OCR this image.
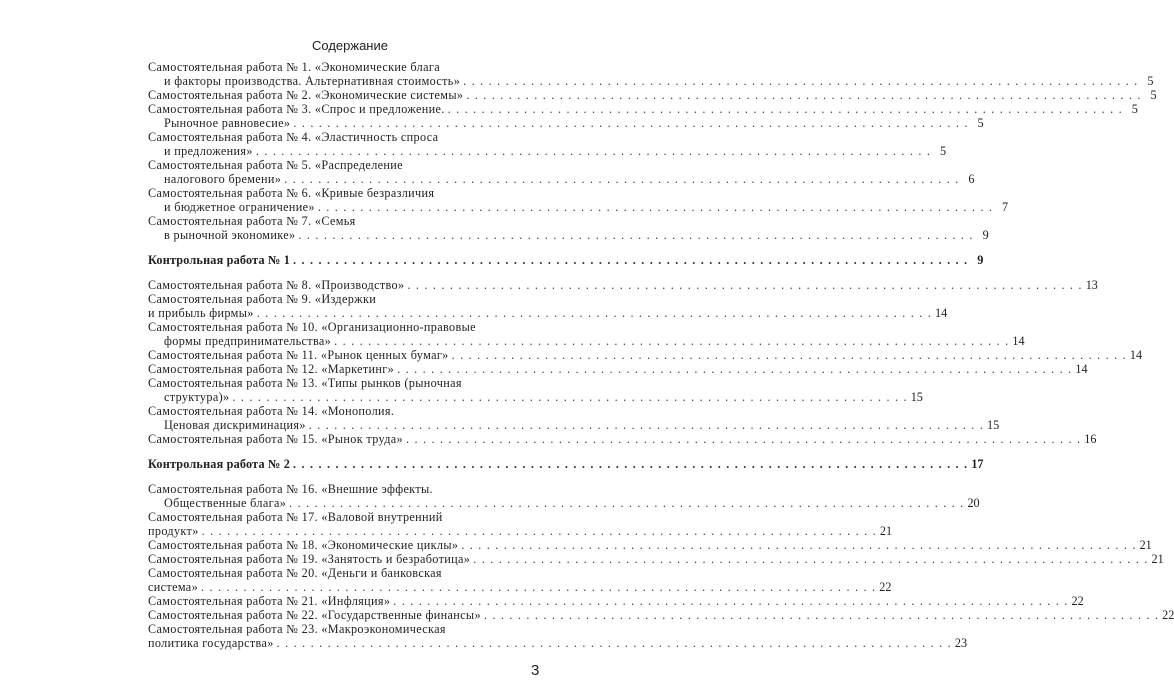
Содержание
Самостоятельная работа № 1. «Экономические блага
и факторы производства. Альтернативная стоимость» . . . . . . . . . . . . . . . . . . . . . . . . . . . . . . . . . . . . . . . . . . . . . . . . . . . . . . . . . . . . . . . . . . . . . . . . . . . . . . . . 5
Самостоятельная работа № 2. «Экономические системы» . . . . . . . . . . . . . . . . . . . . . . . . . . . . . . . . . . . . . . . . . . . . . . . . . . . . . . . . . . . . . . . . . . . . . . . . . . . . . . . . 5
Самостоятельная работа № 3. «Спрос и предложение. . . . . . . . . . . . . . . . . . . . . . . . . . . . . . . . . . . . . . . . . . . . . . . . . . . . . . . . . . . . . . . . . . . . . . . . . . . . . . . . . 5
Рыночное равновесие» . . . . . . . . . . . . . . . . . . . . . . . . . . . . . . . . . . . . . . . . . . . . . . . . . . . . . . . . . . . . . . . . . . . . . . . . . . . . . . . . 5
Самостоятельная работа № 4. «Эластичность спроса
и предложения» . . . . . . . . . . . . . . . . . . . . . . . . . . . . . . . . . . . . . . . . . . . . . . . . . . . . . . . . . . . . . . . . . . . . . . . . . . . . . . . . 5
Самостоятельная работа № 5. «Распределение
налогового бремени» . . . . . . . . . . . . . . . . . . . . . . . . . . . . . . . . . . . . . . . . . . . . . . . . . . . . . . . . . . . . . . . . . . . . . . . . . . . . . . . . 6
Самостоятельная работа № 6. «Кривые безразличия
и бюджетное ограничение» . . . . . . . . . . . . . . . . . . . . . . . . . . . . . . . . . . . . . . . . . . . . . . . . . . . . . . . . . . . . . . . . . . . . . . . . . . . . . . . . 7
Самостоятельная работа № 7. «Семья
в рыночной экономике» . . . . . . . . . . . . . . . . . . . . . . . . . . . . . . . . . . . . . . . . . . . . . . . . . . . . . . . . . . . . . . . . . . . . . . . . . . . . . . . . 9
Контрольная работа № 1 . . . . . . . . . . . . . . . . . . . . . . . . . . . . . . . . . . . . . . . . . . . . . . . . . . . . . . . . . . . . . . . . . . . . . . . . . . . . . . . . 9
Самостоятельная работа № 8. «Производство» . . . . . . . . . . . . . . . . . . . . . . . . . . . . . . . . . . . . . . . . . . . . . . . . . . . . . . . . . . . . . . . . . . . . . . . . . . . . . . . . 13
Самостоятельная работа № 9. «Издержки
и прибыль фирмы» . . . . . . . . . . . . . . . . . . . . . . . . . . . . . . . . . . . . . . . . . . . . . . . . . . . . . . . . . . . . . . . . . . . . . . . . . . . . . . . . 14
Самостоятельная работа № 10. «Организационно-правовые
формы предпринимательства» . . . . . . . . . . . . . . . . . . . . . . . . . . . . . . . . . . . . . . . . . . . . . . . . . . . . . . . . . . . . . . . . . . . . . . . . . . . . . . . . 14
Самостоятельная работа № 11. «Рынок ценных бумаг» . . . . . . . . . . . . . . . . . . . . . . . . . . . . . . . . . . . . . . . . . . . . . . . . . . . . . . . . . . . . . . . . . . . . . . . . . . . . . . . . 14
Самостоятельная работа № 12. «Маркетинг» . . . . . . . . . . . . . . . . . . . . . . . . . . . . . . . . . . . . . . . . . . . . . . . . . . . . . . . . . . . . . . . . . . . . . . . . . . . . . . . . 14
Самостоятельная работа № 13. «Типы рынков (рыночная
структура)» . . . . . . . . . . . . . . . . . . . . . . . . . . . . . . . . . . . . . . . . . . . . . . . . . . . . . . . . . . . . . . . . . . . . . . . . . . . . . . . . 15
Самостоятельная работа № 14. «Монополия.
Ценовая дискриминация» . . . . . . . . . . . . . . . . . . . . . . . . . . . . . . . . . . . . . . . . . . . . . . . . . . . . . . . . . . . . . . . . . . . . . . . . . . . . . . . . 15
Самостоятельная работа № 15. «Рынок труда» . . . . . . . . . . . . . . . . . . . . . . . . . . . . . . . . . . . . . . . . . . . . . . . . . . . . . . . . . . . . . . . . . . . . . . . . . . . . . . . . 16
Контрольная работа № 2 . . . . . . . . . . . . . . . . . . . . . . . . . . . . . . . . . . . . . . . . . . . . . . . . . . . . . . . . . . . . . . . . . . . . . . . . . . . . . . . . 17
Самостоятельная работа № 16. «Внешние эффекты.
Общественные блага» . . . . . . . . . . . . . . . . . . . . . . . . . . . . . . . . . . . . . . . . . . . . . . . . . . . . . . . . . . . . . . . . . . . . . . . . . . . . . . . . 20
Самостоятельная работа № 17. «Валовой внутренний
продукт» . . . . . . . . . . . . . . . . . . . . . . . . . . . . . . . . . . . . . . . . . . . . . . . . . . . . . . . . . . . . . . . . . . . . . . . . . . . . . . . . 21
Самостоятельная работа № 18. «Экономические циклы» . . . . . . . . . . . . . . . . . . . . . . . . . . . . . . . . . . . . . . . . . . . . . . . . . . . . . . . . . . . . . . . . . . . . . . . . . . . . . . . . 21
Самостоятельная работа № 19. «Занятость и безработица» . . . . . . . . . . . . . . . . . . . . . . . . . . . . . . . . . . . . . . . . . . . . . . . . . . . . . . . . . . . . . . . . . . . . . . . . . . . . . . . . 21
Самостоятельная работа № 20. «Деньги и банковская
система» . . . . . . . . . . . . . . . . . . . . . . . . . . . . . . . . . . . . . . . . . . . . . . . . . . . . . . . . . . . . . . . . . . . . . . . . . . . . . . . . 22
Самостоятельная работа № 21. «Инфляция» . . . . . . . . . . . . . . . . . . . . . . . . . . . . . . . . . . . . . . . . . . . . . . . . . . . . . . . . . . . . . . . . . . . . . . . . . . . . . . . . 22
Самостоятельная работа № 22. «Государственные финансы» . . . . . . . . . . . . . . . . . . . . . . . . . . . . . . . . . . . . . . . . . . . . . . . . . . . . . . . . . . . . . . . . . . . . . . . . . . . . . . . . 22
Самостоятельная работа № 23. «Макроэкономическая
политика государства» . . . . . . . . . . . . . . . . . . . . . . . . . . . . . . . . . . . . . . . . . . . . . . . . . . . . . . . . . . . . . . . . . . . . . . . . . . . . . . . . 23
3
